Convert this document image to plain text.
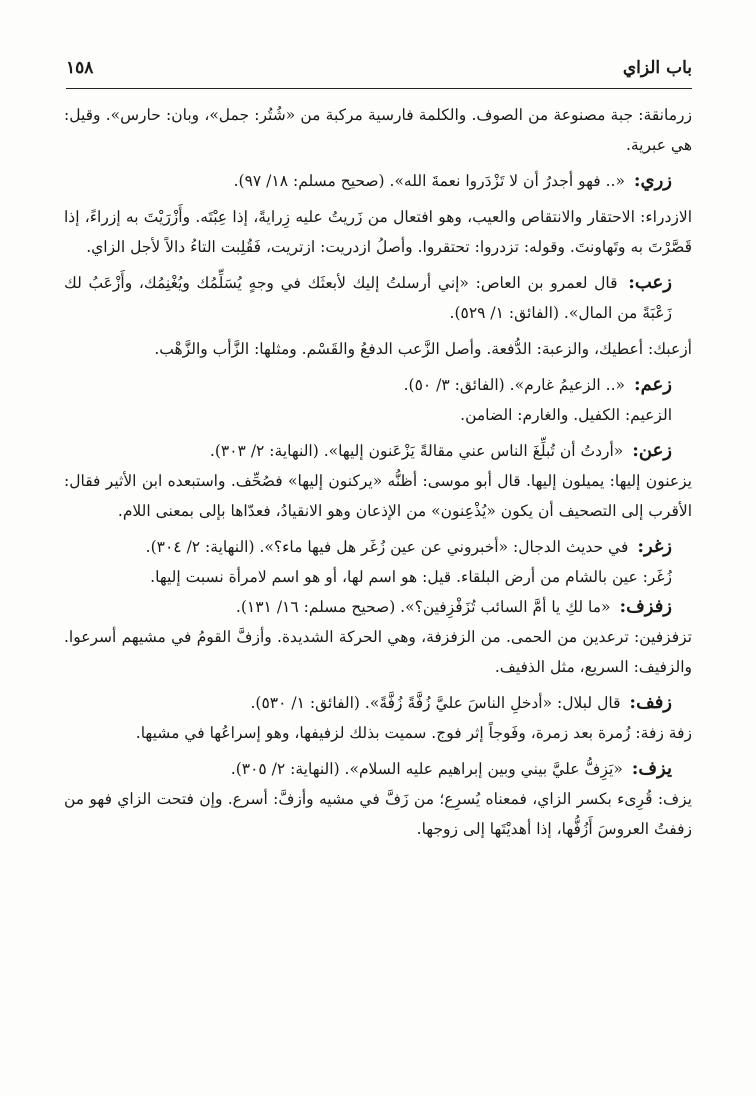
باب الزاي
١٥٨

زرمانقة: جبة مصنوعة من الصوف. والكلمة فارسية مركبة من «شُتُر: جمل»، وبان: حارس». وقيل: هي عبرية.

زري: «.. فهو أجدرُ أن لا تَزْدَروا نعمةَ الله». (صحيح مسلم: ١٨/ ٩٧).

الازدراء: الاحتقار والانتقاص والعيب، وهو افتعال من زَريتُ عليه زِرايةً، إذا عِبْتَه. وأَزْرَيْتَ به إزراءً، إذا قَصَّرْتَ به وتَهاونتَ. وقوله: تزدروا: تحتقروا. وأصلُ ازدريت: ازتريت، فَقُلِبت التاءُ دالاً لأجل الزاي.

زعب: قال لعمرو بن العاص: «إني أرسلتُ إليك لأبعثَك في وجهٍ يُسَلِّمُك ويُغْنِمُك، وأَزْعَبُ لك زَعْبَةً من المال». (الفائق: ١/ ٥٢٩).

أزعبك: أعطيك، والزعبة: الدُّفعة. وأصل الزَّعب الدفعُ والقَسْم. ومثلها: الزَّأب والزَّهْب.

زعم: «.. الزعيمُ غارم». (الفائق: ٣/ ٥٠).

الزعيم: الكفيل. والغارم: الضامن.

زعن: «أردتُ أن تُبلِّغَ الناس عني مقالةً يَزْعَنون إليها». (النهاية: ٢/ ٣٠٣).

يزعنون إليها: يميلون إليها. قال أبو موسى: أظنُّه «يركنون إليها» فصُحِّف. واستبعده ابن الأثير فقال: الأقرب إلى التصحيف أن يكون «يُذْعِنون» من الإذعان وهو الانقيادُ، فعدّاها بإلى بمعنى اللام.

زغر: في حديث الدجال: «أخبروني عن عين زُغَر هل فيها ماء؟». (النهاية: ٢/ ٣٠٤).

زُغَر: عين بالشام من أرض البلقاء. قيل: هو اسم لها، أو هو اسم لامرأة نسبت إليها.

زفزف: «ما لكِ يا أمَّ السائب تُزَفْزِفين؟». (صحيح مسلم: ١٦/ ١٣١).

تزفزفين: ترعدين من الحمى. من الزفزفة، وهي الحركة الشديدة. وأزفَّ القومُ في مشيهم أسرعوا. والزفيف: السريع، مثل الذفيف.

زفف: قال لبلال: «أدخلِ الناسَ عليَّ زُفَّةً زُفَّةً». (الفائق: ١/ ٥٣٠).

زفة زفة: زُمرة بعد زمرة، وفَوجاً إثر فوج. سميت بذلك لزفيفها، وهو إسراعُها في مشيها.

يزف: «يَزِفُّ عليَّ بيني وبين إبراهيم عليه السلام». (النهاية: ٢/ ٣٠٥).

يزف: قُرِىء بكسر الزاي، فمعناه يُسرِع؛ من زَفَّ في مشيه وأزفَّ: أسرع. وإن فتحت الزاي فهو من زففتُ العروسَ أَزُفُّها، إذا أهديْتَها إلى زوجها.
